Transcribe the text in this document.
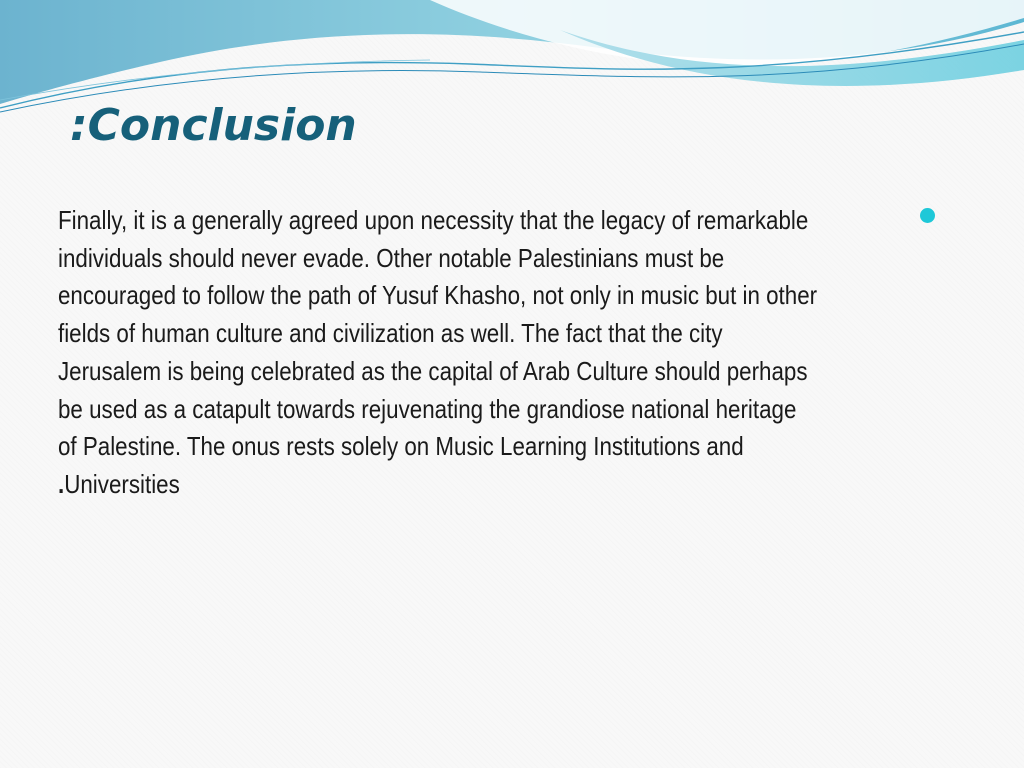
:Conclusion

Finally, it is a generally agreed upon necessity that the legacy of remarkable
individuals should never evade. Other notable Palestinians must be
encouraged to follow the path of Yusuf Khasho, not only in music but in other
fields of human culture and civilization as well. The fact that the city
Jerusalem is being celebrated as the capital of Arab Culture should perhaps
be used as a catapult towards rejuvenating the grandiose national heritage
of Palestine. The onus rests solely on Music Learning Institutions and
.Universities
